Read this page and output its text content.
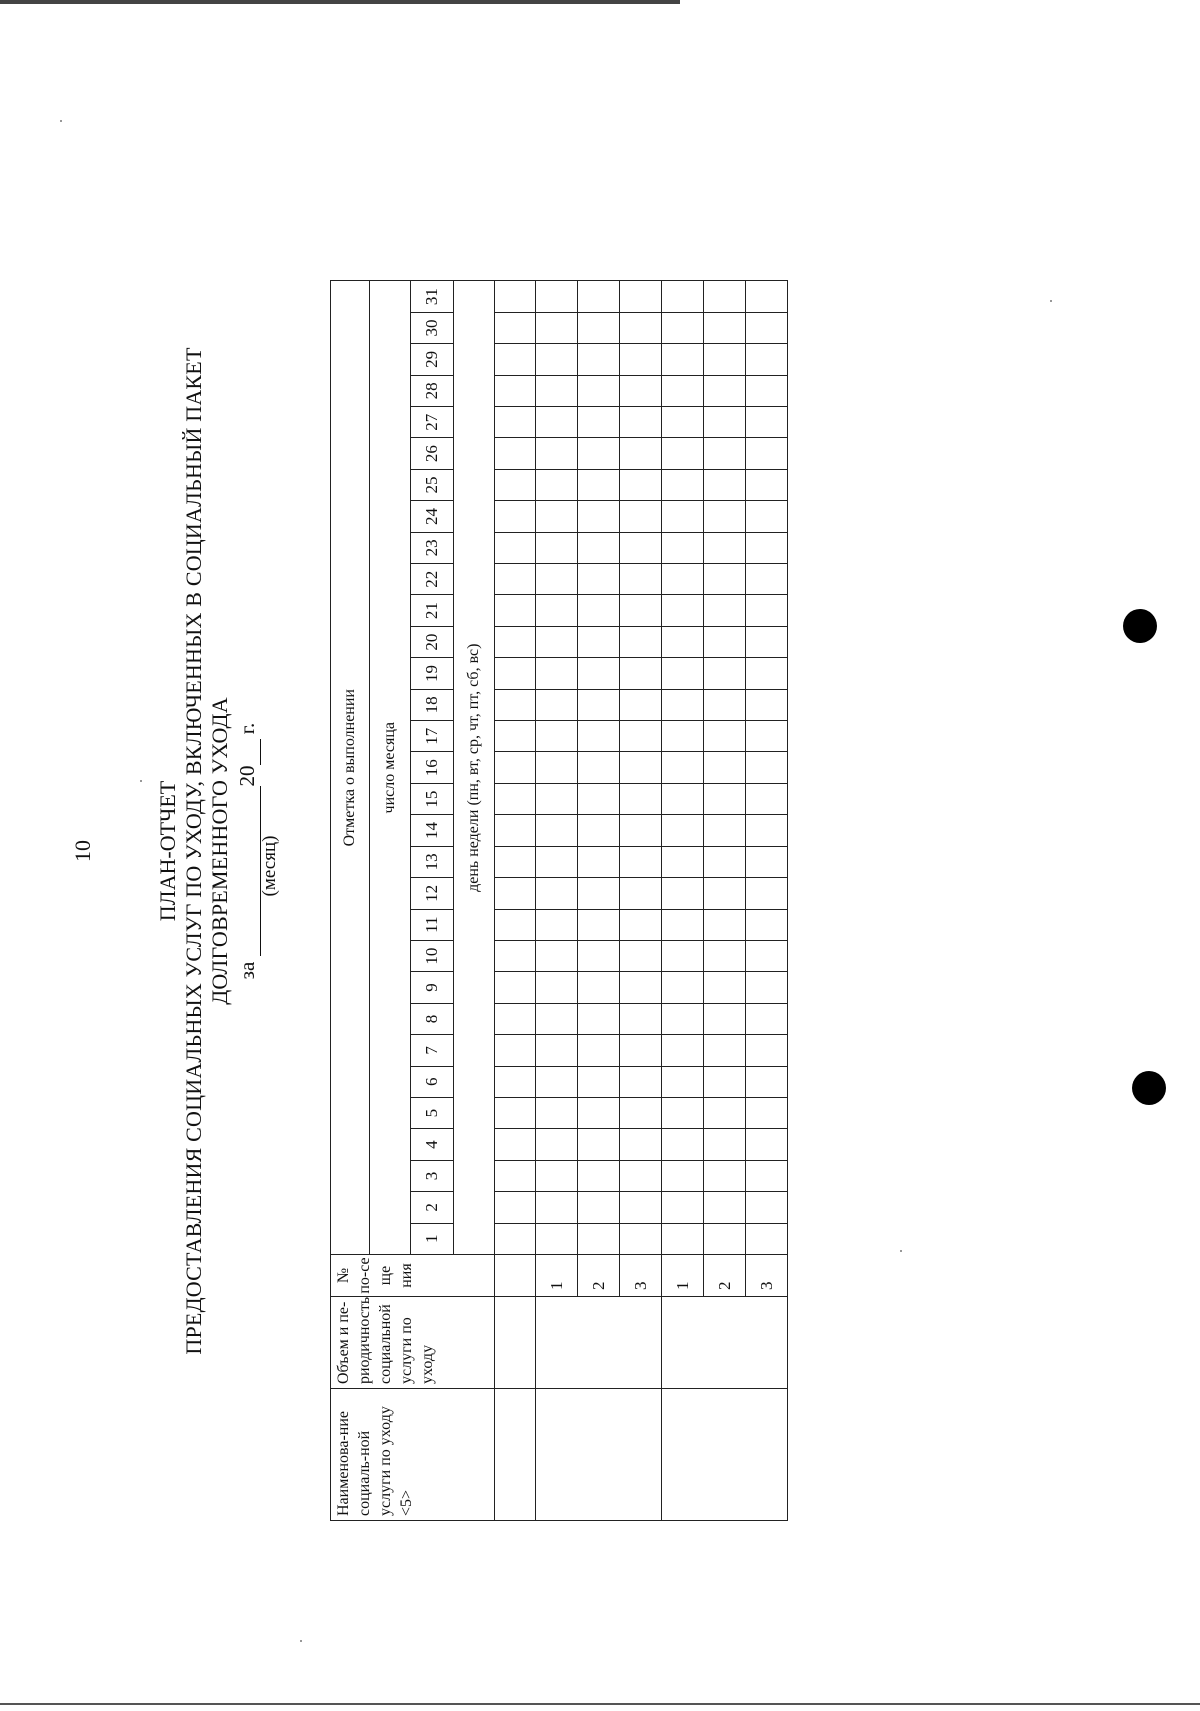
10	ПЛАН-ОТЧЕТ ПРЕДОСТАВЛЕНИЯ СОЦИАЛЬНЫХ УСЛУГ ПО УХОДУ, ВКЛЮЧЕННЫХ В СОЦИАЛЬНЫЙ ПАКЕТ ДОЛГОВРЕМЕННОГО УХОДА за 20 г.
(месяц)
Наименова-ние социаль-ной услуги по уходу <5>	Объем и пе-риодичность социальной услуги по уходу	№ по-се ще ния	Отметка о выполнении																														
			число месяца																														
			1	2	3	4	5	6	7	8	9	10	11	12	13	14	15	16	17	18	19	20	21	22	23	24	25	26	27	28	29	30	31
			день недели (пн, вт, ср, чт, пт, сб, вс)																														

		1																															
		2																															
		3																															
		1																															
		2																															
		3																															
